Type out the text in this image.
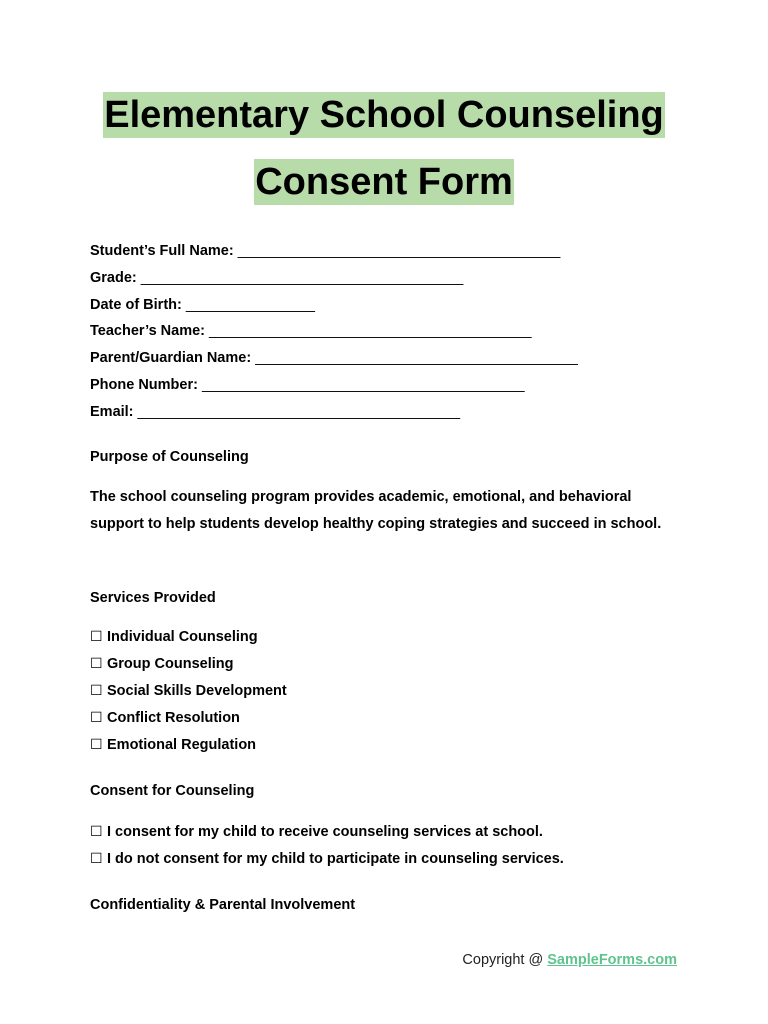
Elementary School Counseling
Consent Form
Student’s Full Name: ________________________________________
Grade: ________________________________________
Date of Birth: ________________
Teacher’s Name: ________________________________________
Parent/Guardian Name: ________________________________________
Phone Number: ________________________________________
Email: ________________________________________
Purpose of Counseling
The school counseling program provides academic, emotional, and behavioral support to help students develop healthy coping strategies and succeed in school.
Services Provided
☐ Individual Counseling
☐ Group Counseling
☐ Social Skills Development
☐ Conflict Resolution
☐ Emotional Regulation
Consent for Counseling
☐ I consent for my child to receive counseling services at school.
☐ I do not consent for my child to participate in counseling services.
Confidentiality & Parental Involvement
Copyright @ SampleForms.com
